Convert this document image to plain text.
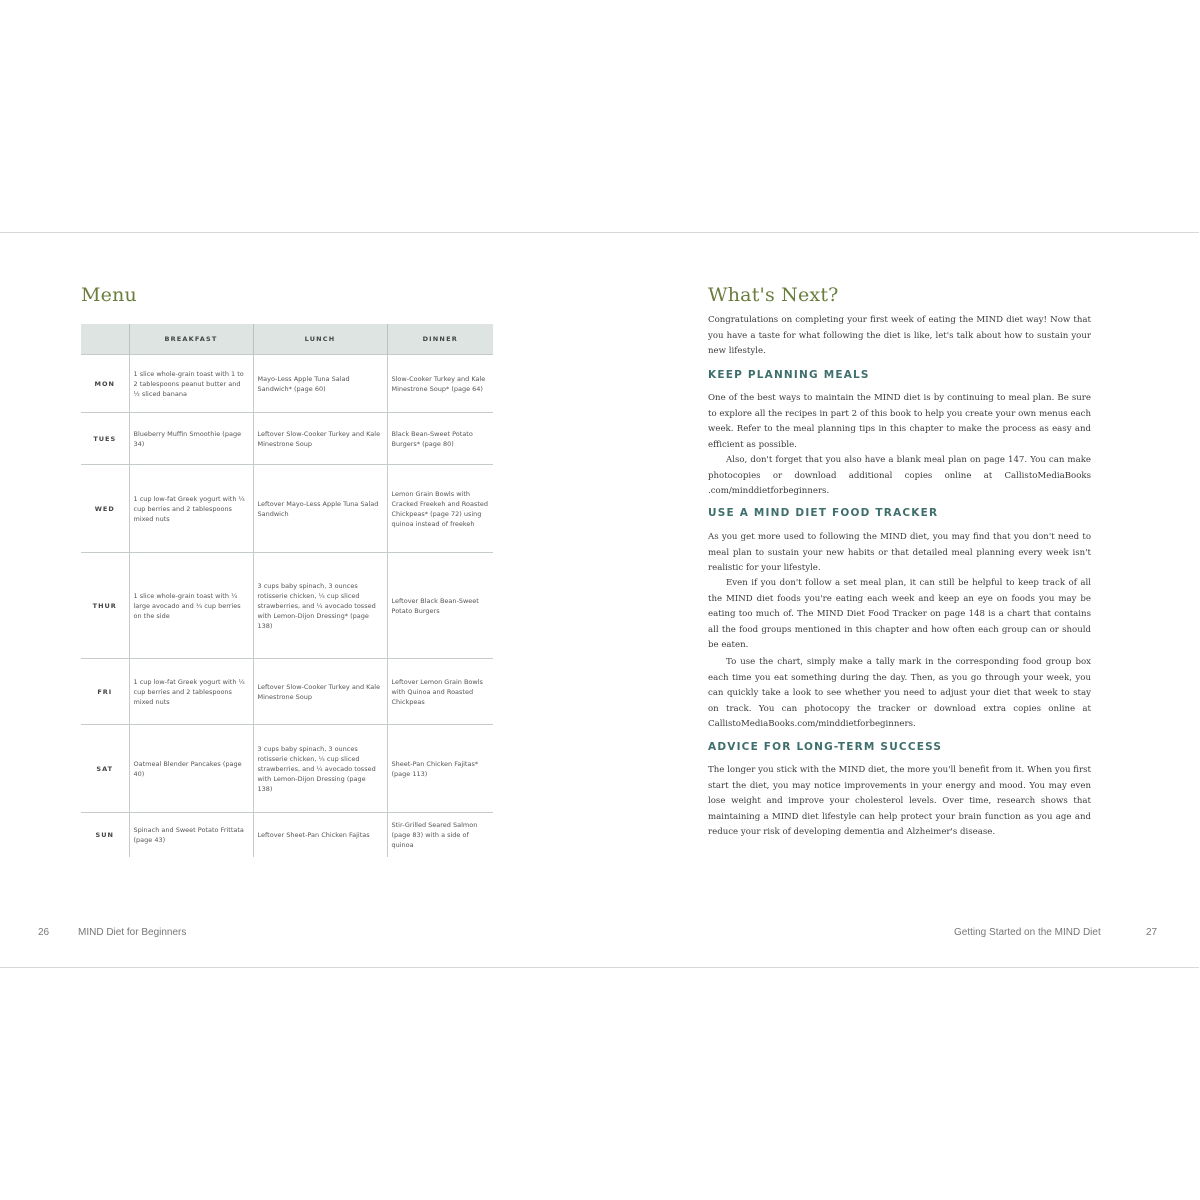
Menu
	BREAKFAST	LUNCH	DINNER
MON	1 slice whole-grain toast with 1 to 2 tablespoons peanut butter and ½ sliced banana	Mayo-Less Apple Tuna Salad Sandwich* (page 60)	Slow-Cooker Turkey and Kale Minestrone Soup* (page 64)
TUES	Blueberry Muffin Smoothie (page 34)	Leftover Slow-Cooker Turkey and Kale Minestrone Soup	Black Bean-Sweet Potato Burgers* (page 80)
WED	1 cup low-fat Greek yogurt with ¼ cup berries and 2 tablespoons mixed nuts	Leftover Mayo-Less Apple Tuna Salad Sandwich	Lemon Grain Bowls with Cracked Freekeh and Roasted Chickpeas* (page 72) using quinoa instead of freekeh
THUR	1 slice whole-grain toast with ¼ large avocado and ¾ cup berries on the side	3 cups baby spinach, 3 ounces rotisserie chicken, ¼ cup sliced strawberries, and ¼ avocado tossed with Lemon-Dijon Dressing* (page 138)	Leftover Black Bean-Sweet Potato Burgers
FRI	1 cup low-fat Greek yogurt with ¼ cup berries and 2 tablespoons mixed nuts	Leftover Slow-Cooker Turkey and Kale Minestrone Soup	Leftover Lemon Grain Bowls with Quinoa and Roasted Chickpeas
SAT	Oatmeal Blender Pancakes (page 40)	3 cups baby spinach, 3 ounces rotisserie chicken, ¼ cup sliced strawberries, and ¼ avocado tossed with Lemon-Dijon Dressing (page 138)	Sheet-Pan Chicken Fajitas* (page 113)
SUN	Spinach and Sweet Potato Frittata (page 43)	Leftover Sheet-Pan Chicken Fajitas	Stir-Grilled Seared Salmon (page 83) with a side of quinoa
26	MIND Diet for Beginners
What's Next?

Congratulations on completing your first week of eating the MIND diet way! Now that you have a taste for what following the diet is like, let's talk about how to sustain your new lifestyle.

KEEP PLANNING MEALS

One of the best ways to maintain the MIND diet is by continuing to meal plan. Be sure to explore all the recipes in part 2 of this book to help you create your own menus each week. Refer to the meal planning tips in this chapter to make the process as easy and efficient as possible.

Also, don't forget that you also have a blank meal plan on page 147. You can make photocopies or download additional copies online at CallistoMediaBooks .com/minddietforbeginners.

USE A MIND DIET FOOD TRACKER

As you get more used to following the MIND diet, you may find that you don't need to meal plan to sustain your new habits or that detailed meal planning every week isn't realistic for your lifestyle.

Even if you don't follow a set meal plan, it can still be helpful to keep track of all the MIND diet foods you're eating each week and keep an eye on foods you may be eating too much of. The MIND Diet Food Tracker on page 148 is a chart that contains all the food groups mentioned in this chapter and how often each group can or should be eaten.

To use the chart, simply make a tally mark in the corresponding food group box each time you eat something during the day. Then, as you go through your week, you can quickly take a look to see whether you need to adjust your diet that week to stay on track. You can photocopy the tracker or download extra copies online at CallistoMediaBooks.com/minddietforbeginners.

ADVICE FOR LONG-TERM SUCCESS

The longer you stick with the MIND diet, the more you'll benefit from it. When you first start the diet, you may notice improvements in your energy and mood. You may even lose weight and improve your cholesterol levels. Over time, research shows that maintaining a MIND diet lifestyle can help protect your brain function as you age and reduce your risk of developing dementia and Alzheimer's disease.

Getting Started on the MIND Diet	27
